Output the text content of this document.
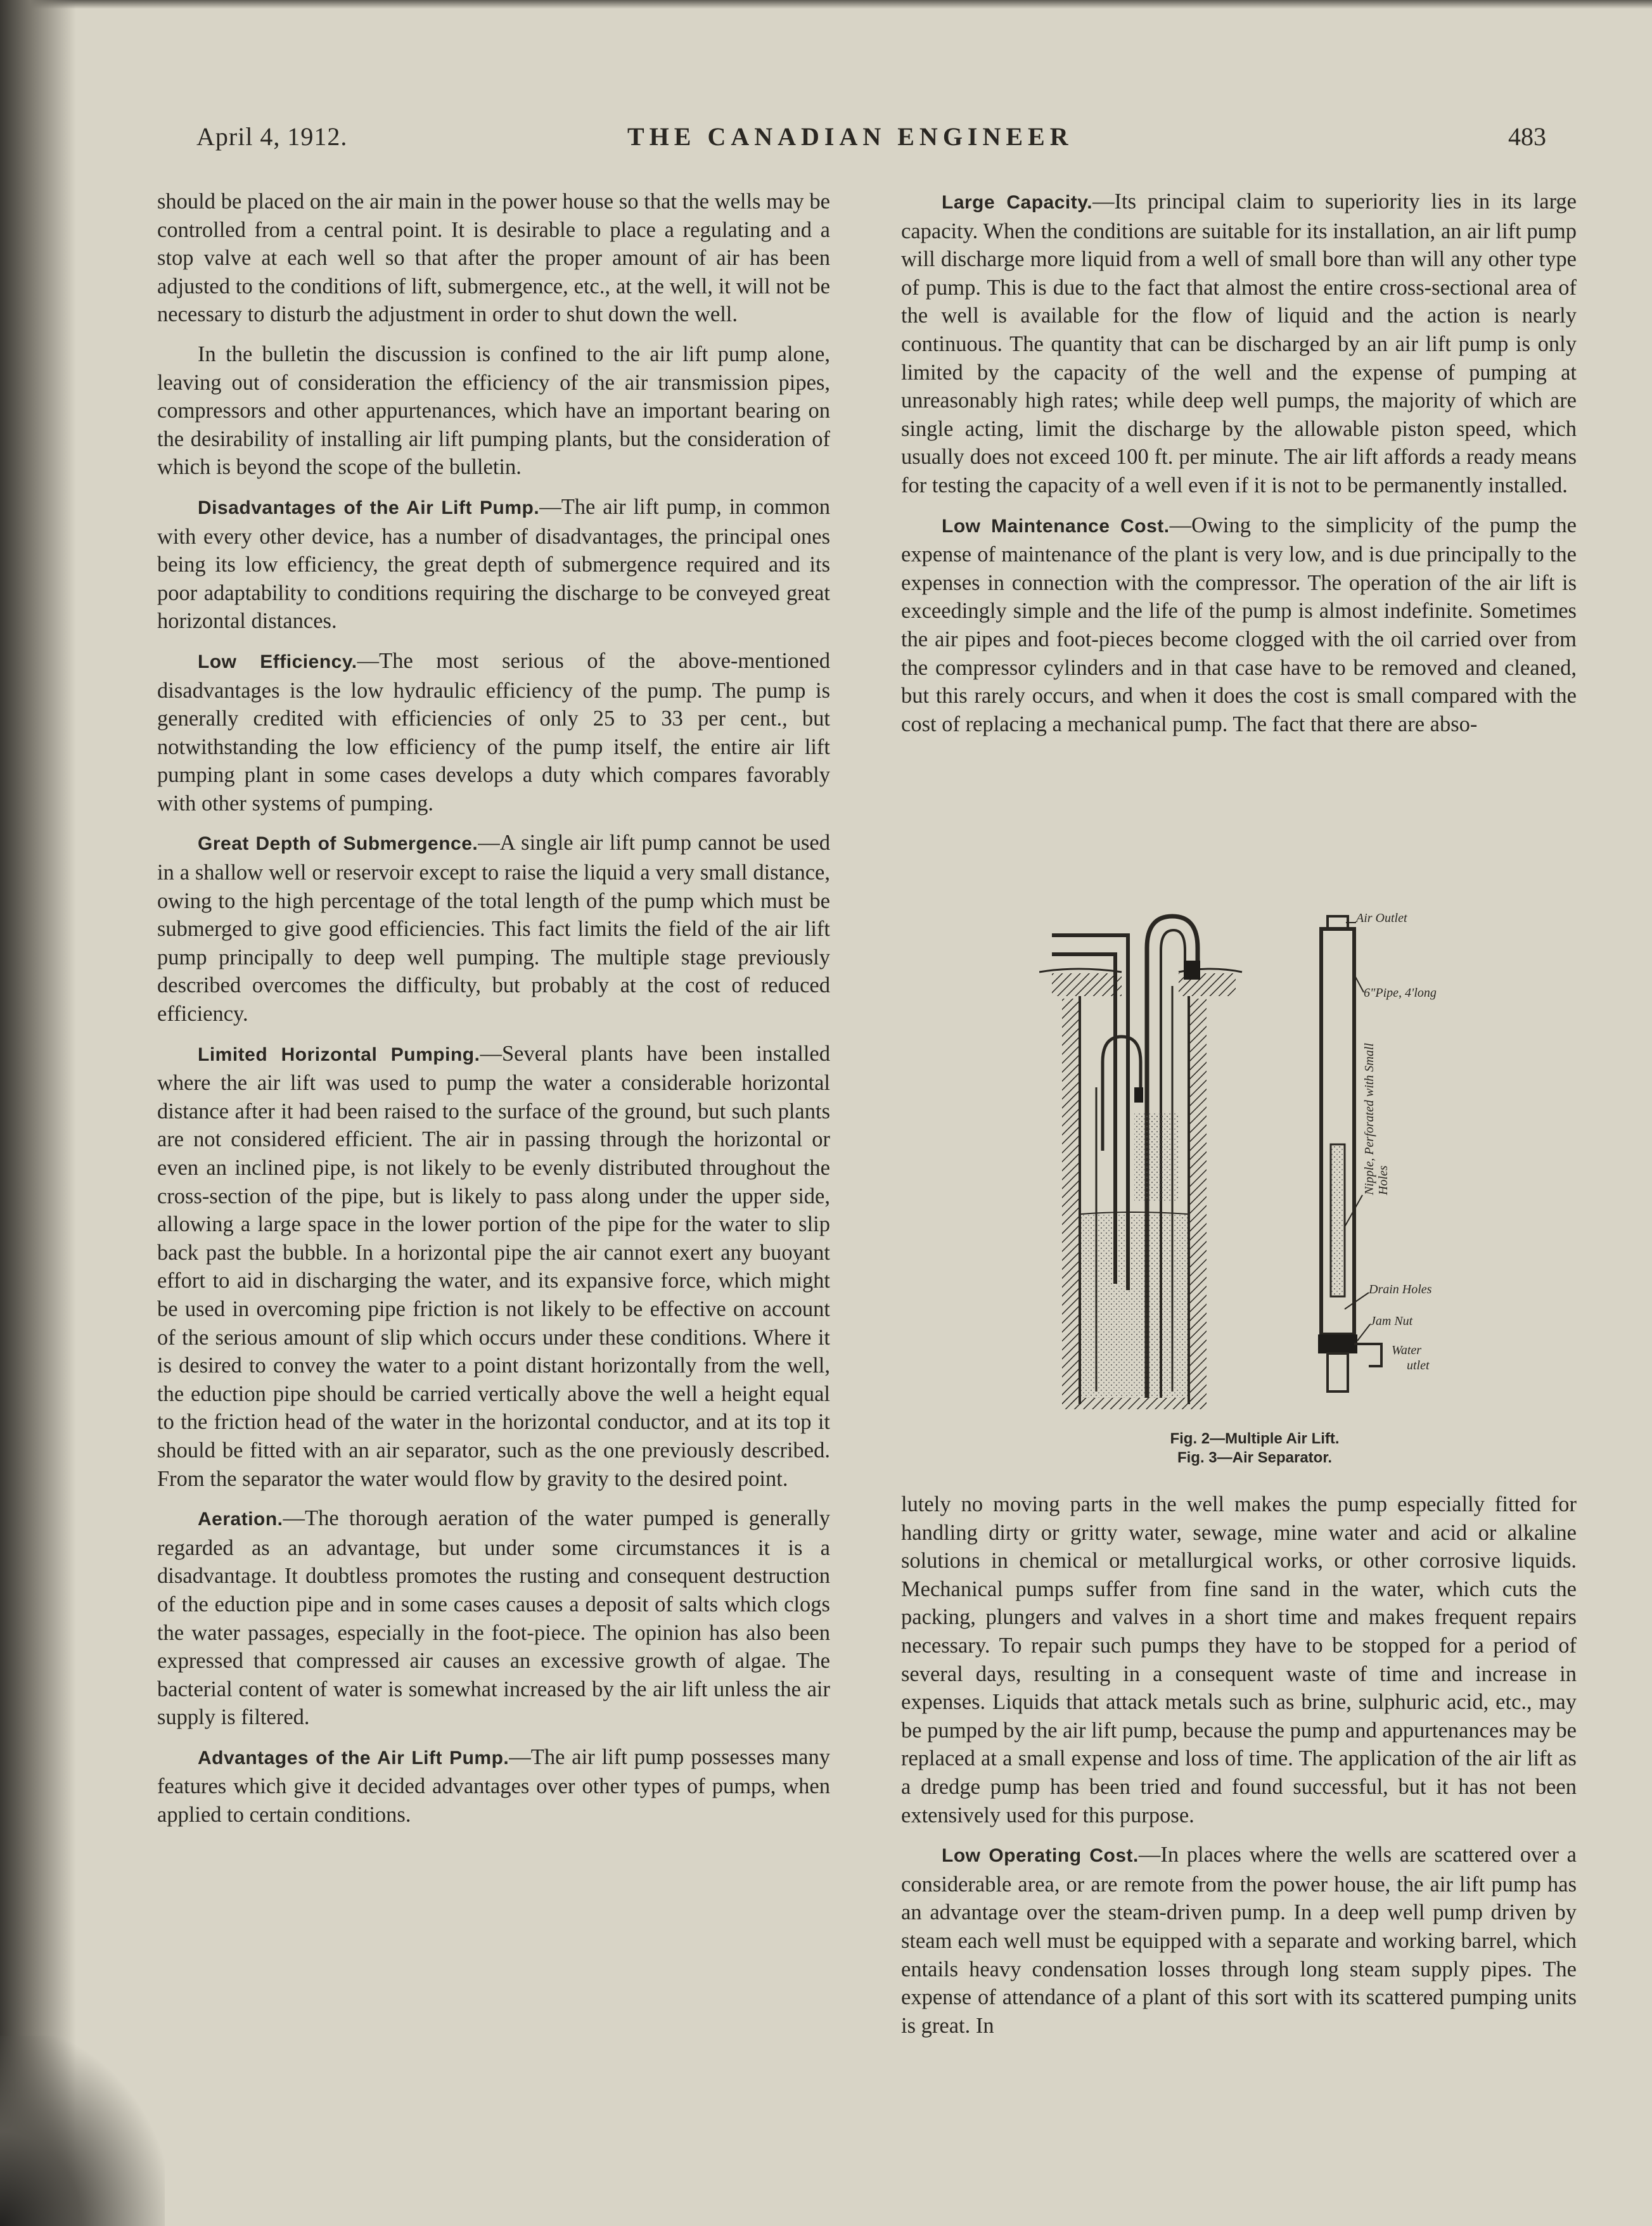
April 4, 1912.	THE CANADIAN ENGINEER	483

should be placed on the air main in the power house so that the wells may be controlled from a central point. It is desirable to place a regulating and a stop valve at each well so that after the proper amount of air has been adjusted to the conditions of lift, submergence, etc., at the well, it will not be necessary to disturb the adjustment in order to shut down the well.

In the bulletin the discussion is confined to the air lift pump alone, leaving out of consideration the efficiency of the air transmission pipes, compressors and other appurtenances, which have an important bearing on the desirability of installing air lift pumping plants, but the consideration of which is beyond the scope of the bulletin.

Disadvantages of the Air Lift Pump.—The air lift pump, in common with every other device, has a number of disadvantages, the principal ones being its low efficiency, the great depth of submergence required and its poor adaptability to conditions requiring the discharge to be conveyed great horizontal distances.

Low Efficiency.—The most serious of the above-mentioned disadvantages is the low hydraulic efficiency of the pump. The pump is generally credited with efficiencies of only 25 to 33 per cent., but notwithstanding the low efficiency of the pump itself, the entire air lift pumping plant in some cases develops a duty which compares favorably with other systems of pumping.

Great Depth of Submergence.—A single air lift pump cannot be used in a shallow well or reservoir except to raise the liquid a very small distance, owing to the high percentage of the total length of the pump which must be submerged to give good efficiencies. This fact limits the field of the air lift pump principally to deep well pumping. The multiple stage previously described overcomes the difficulty, but probably at the cost of reduced efficiency.

Limited Horizontal Pumping.—Several plants have been installed where the air lift was used to pump the water a considerable horizontal distance after it had been raised to the surface of the ground, but such plants are not considered efficient. The air in passing through the horizontal or even an inclined pipe, is not likely to be evenly distributed throughout the cross-section of the pipe, but is likely to pass along under the upper side, allowing a large space in the lower portion of the pipe for the water to slip back past the bubble. In a horizontal pipe the air cannot exert any buoyant effort to aid in discharging the water, and its expansive force, which might be used in overcoming pipe friction is not likely to be effective on account of the serious amount of slip which occurs under these conditions. Where it is desired to convey the water to a point distant horizontally from the well, the eduction pipe should be carried vertically above the well a height equal to the friction head of the water in the horizontal conductor, and at its top it should be fitted with an air separator, such as the one previously described. From the separator the water would flow by gravity to the desired point.

Aeration.—The thorough aeration of the water pumped is generally regarded as an advantage, but under some circumstances it is a disadvantage. It doubtless promotes the rusting and consequent destruction of the eduction pipe and in some cases causes a deposit of salts which clogs the water passages, especially in the foot-piece. The opinion has also been expressed that compressed air causes an excessive growth of algae. The bacterial content of water is somewhat increased by the air lift unless the air supply is filtered.

Advantages of the Air Lift Pump.—The air lift pump possesses many features which give it decided advantages over other types of pumps, when applied to certain conditions.

Large Capacity.—Its principal claim to superiority lies in its large capacity. When the conditions are suitable for its installation, an air lift pump will discharge more liquid from a well of small bore than will any other type of pump. This is due to the fact that almost the entire cross-sectional area of the well is available for the flow of liquid and the action is nearly continuous. The quantity that can be discharged by an air lift pump is only limited by the capacity of the well and the expense of pumping at unreasonably high rates; while deep well pumps, the majority of which are single acting, limit the discharge by the allowable piston speed, which usually does not exceed 100 ft. per minute. The air lift affords a ready means for testing the capacity of a well even if it is not to be permanently installed.

Low Maintenance Cost.—Owing to the simplicity of the pump the expense of maintenance of the plant is very low, and is due principally to the expenses in connection with the compressor. The operation of the air lift is exceedingly simple and the life of the pump is almost indefinite. Sometimes the air pipes and foot-pieces become clogged with the oil carried over from the compressor cylinders and in that case have to be removed and cleaned, but this rarely occurs, and when it does the cost is small compared with the cost of replacing a mechanical pump. The fact that there are abso-

lutely no moving parts in the well makes the pump especially fitted for handling dirty or gritty water, sewage, mine water and acid or alkaline solutions in chemical or metallurgical works, or other corrosive liquids. Mechanical pumps suffer from fine sand in the water, which cuts the packing, plungers and valves in a short time and makes frequent repairs necessary. To repair such pumps they have to be stopped for a period of several days, resulting in a consequent waste of time and increase in expenses. Liquids that attack metals such as brine, sulphuric acid, etc., may be pumped by the air lift pump, because the pump and appurtenances may be replaced at a small expense and loss of time. The application of the air lift as a dredge pump has been tried and found successful, but it has not been extensively used for this purpose.

Low Operating Cost.—In places where the wells are scattered over a considerable area, or are remote from the power house, the air lift pump has an advantage over the steam-driven pump. In a deep well pump driven by steam each well must be equipped with a separate and working barrel, which entails heavy condensation losses through long steam supply pipes. The expense of attendance of a plant of this sort with its scattered pumping units is great. In

Air Outlet
6"Pipe, 4'long
Nipple, Perforated with Small Holes
Drain Holes
Jam Nut
Water
utlet
Fig. 2—Multiple Air Lift.
Fig. 3—Air Separator.
